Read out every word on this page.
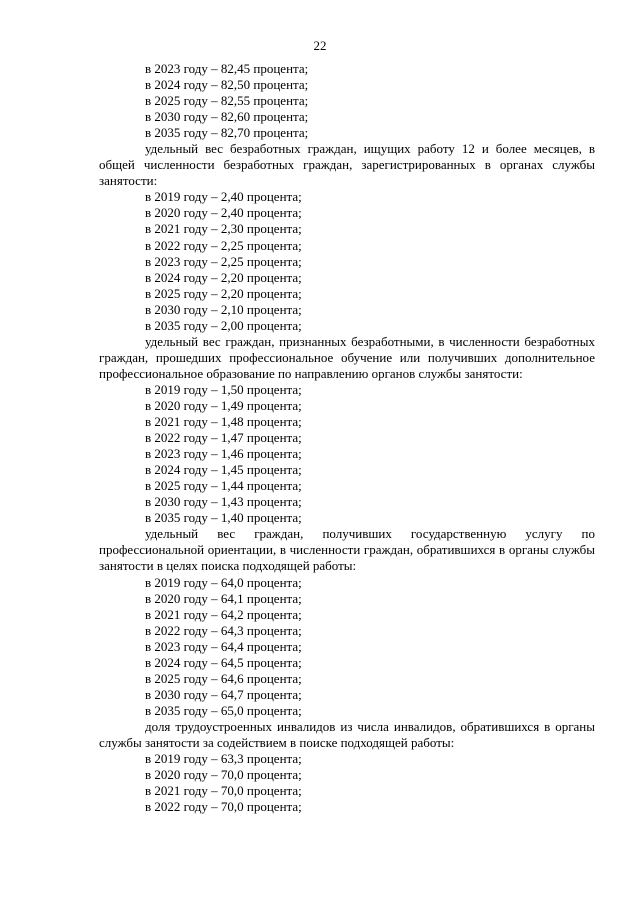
22
в 2023 году – 82,45 процента;
в 2024 году – 82,50 процента;
в 2025 году – 82,55 процента;
в 2030 году – 82,60 процента;
в 2035 году – 82,70 процента;

удельный вес безработных граждан, ищущих работу 12 и более месяцев, в общей численности безработных граждан, зарегистрированных в органах службы занятости:

в 2019 году – 2,40 процента;
в 2020 году – 2,40 процента;
в 2021 году – 2,30 процента;
в 2022 году – 2,25 процента;
в 2023 году – 2,25 процента;
в 2024 году – 2,20 процента;
в 2025 году – 2,20 процента;
в 2030 году – 2,10 процента;
в 2035 году – 2,00 процента;

удельный вес граждан, признанных безработными, в численности безработных граждан, прошедших профессиональное обучение или получивших дополнительное профессиональное образование по направлению органов службы занятости:

в 2019 году – 1,50 процента;
в 2020 году – 1,49 процента;
в 2021 году – 1,48 процента;
в 2022 году – 1,47 процента;
в 2023 году – 1,46 процента;
в 2024 году – 1,45 процента;
в 2025 году – 1,44 процента;
в 2030 году – 1,43 процента;
в 2035 году – 1,40 процента;

удельный вес граждан, получивших государственную услугу по профессиональной ориентации, в численности граждан, обратившихся в органы службы занятости в целях поиска подходящей работы:

в 2019 году – 64,0 процента;
в 2020 году – 64,1 процента;
в 2021 году – 64,2 процента;
в 2022 году – 64,3 процента;
в 2023 году – 64,4 процента;
в 2024 году – 64,5 процента;
в 2025 году – 64,6 процента;
в 2030 году – 64,7 процента;
в 2035 году – 65,0 процента;

доля трудоустроенных инвалидов из числа инвалидов, обратившихся в органы службы занятости за содействием в поиске подходящей работы:

в 2019 году – 63,3 процента;
в 2020 году – 70,0 процента;
в 2021 году – 70,0 процента;
в 2022 году – 70,0 процента;
